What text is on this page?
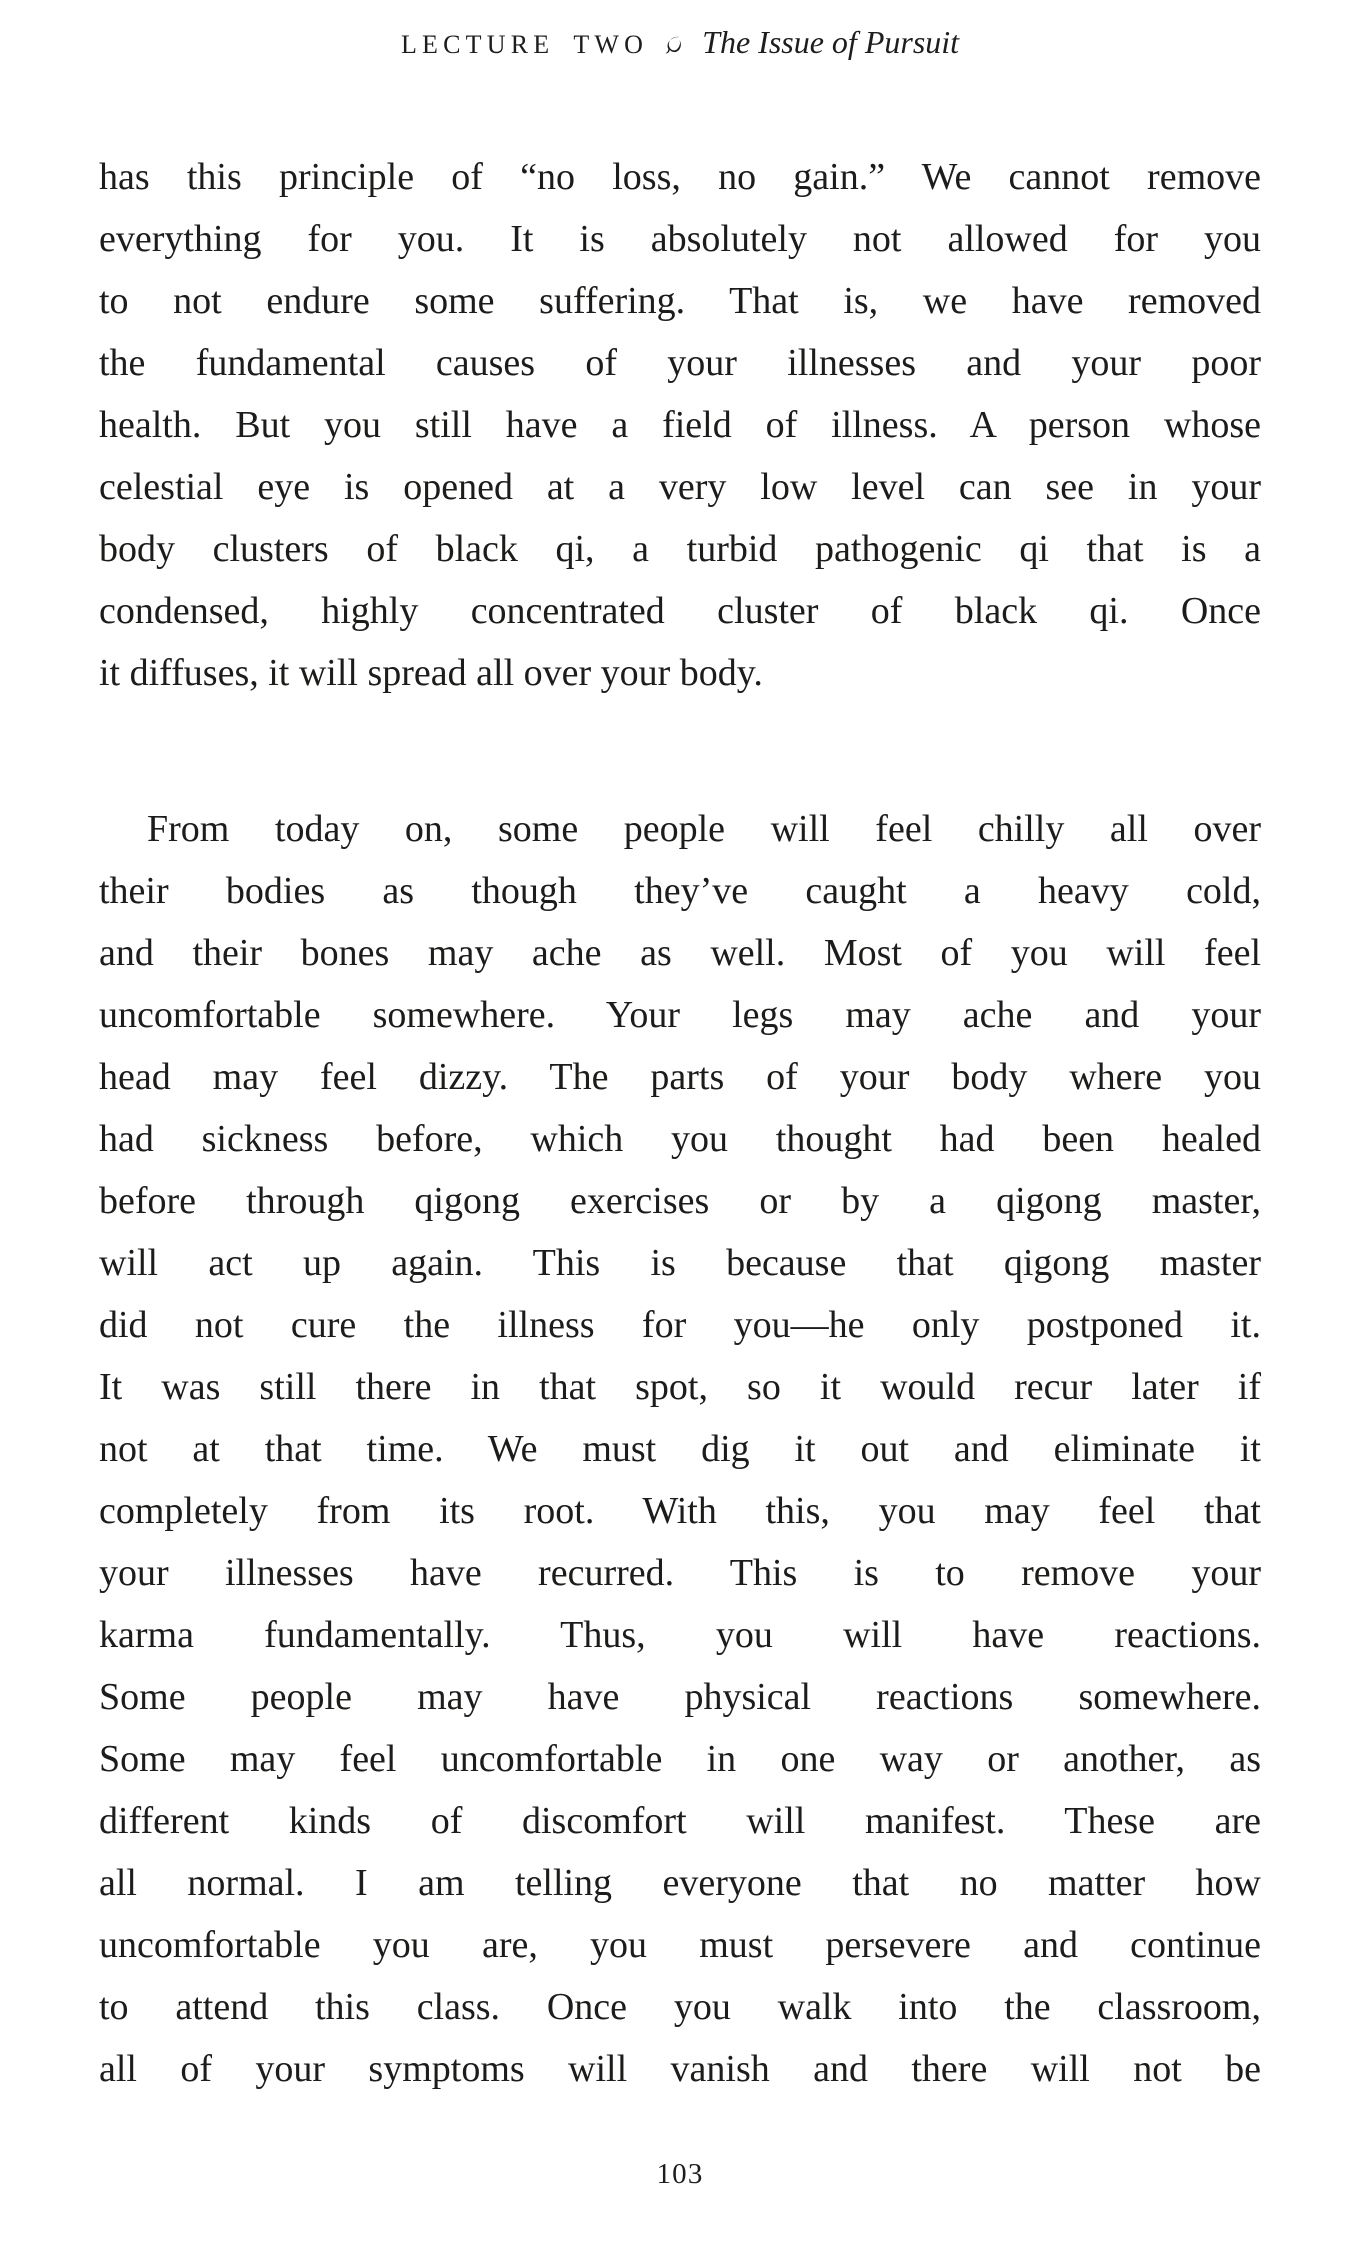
LECTURE TWO The Issue of Pursuit
has this principle of “no loss, no gain.” We cannot remove
everything for you. It is absolutely not allowed for you
to not endure some suffering. That is, we have removed
the fundamental causes of your illnesses and your poor
health. But you still have a field of illness. A person whose
celestial eye is opened at a very low level can see in your
body clusters of black qi, a turbid pathogenic qi that is a
condensed, highly concentrated cluster of black qi. Once
it diffuses, it will spread all over your body.
From today on, some people will feel chilly all over
their bodies as though they’ve caught a heavy cold,
and their bones may ache as well. Most of you will feel
uncomfortable somewhere. Your legs may ache and your
head may feel dizzy. The parts of your body where you
had sickness before, which you thought had been healed
before through qigong exercises or by a qigong master,
will act up again. This is because that qigong master
did not cure the illness for you—he only postponed it.
It was still there in that spot, so it would recur later if
not at that time. We must dig it out and eliminate it
completely from its root. With this, you may feel that
your illnesses have recurred. This is to remove your
karma fundamentally. Thus, you will have reactions.
Some people may have physical reactions somewhere.
Some may feel uncomfortable in one way or another, as
different kinds of discomfort will manifest. These are
all normal. I am telling everyone that no matter how
uncomfortable you are, you must persevere and continue
to attend this class. Once you walk into the classroom,
all of your symptoms will vanish and there will not be
103
